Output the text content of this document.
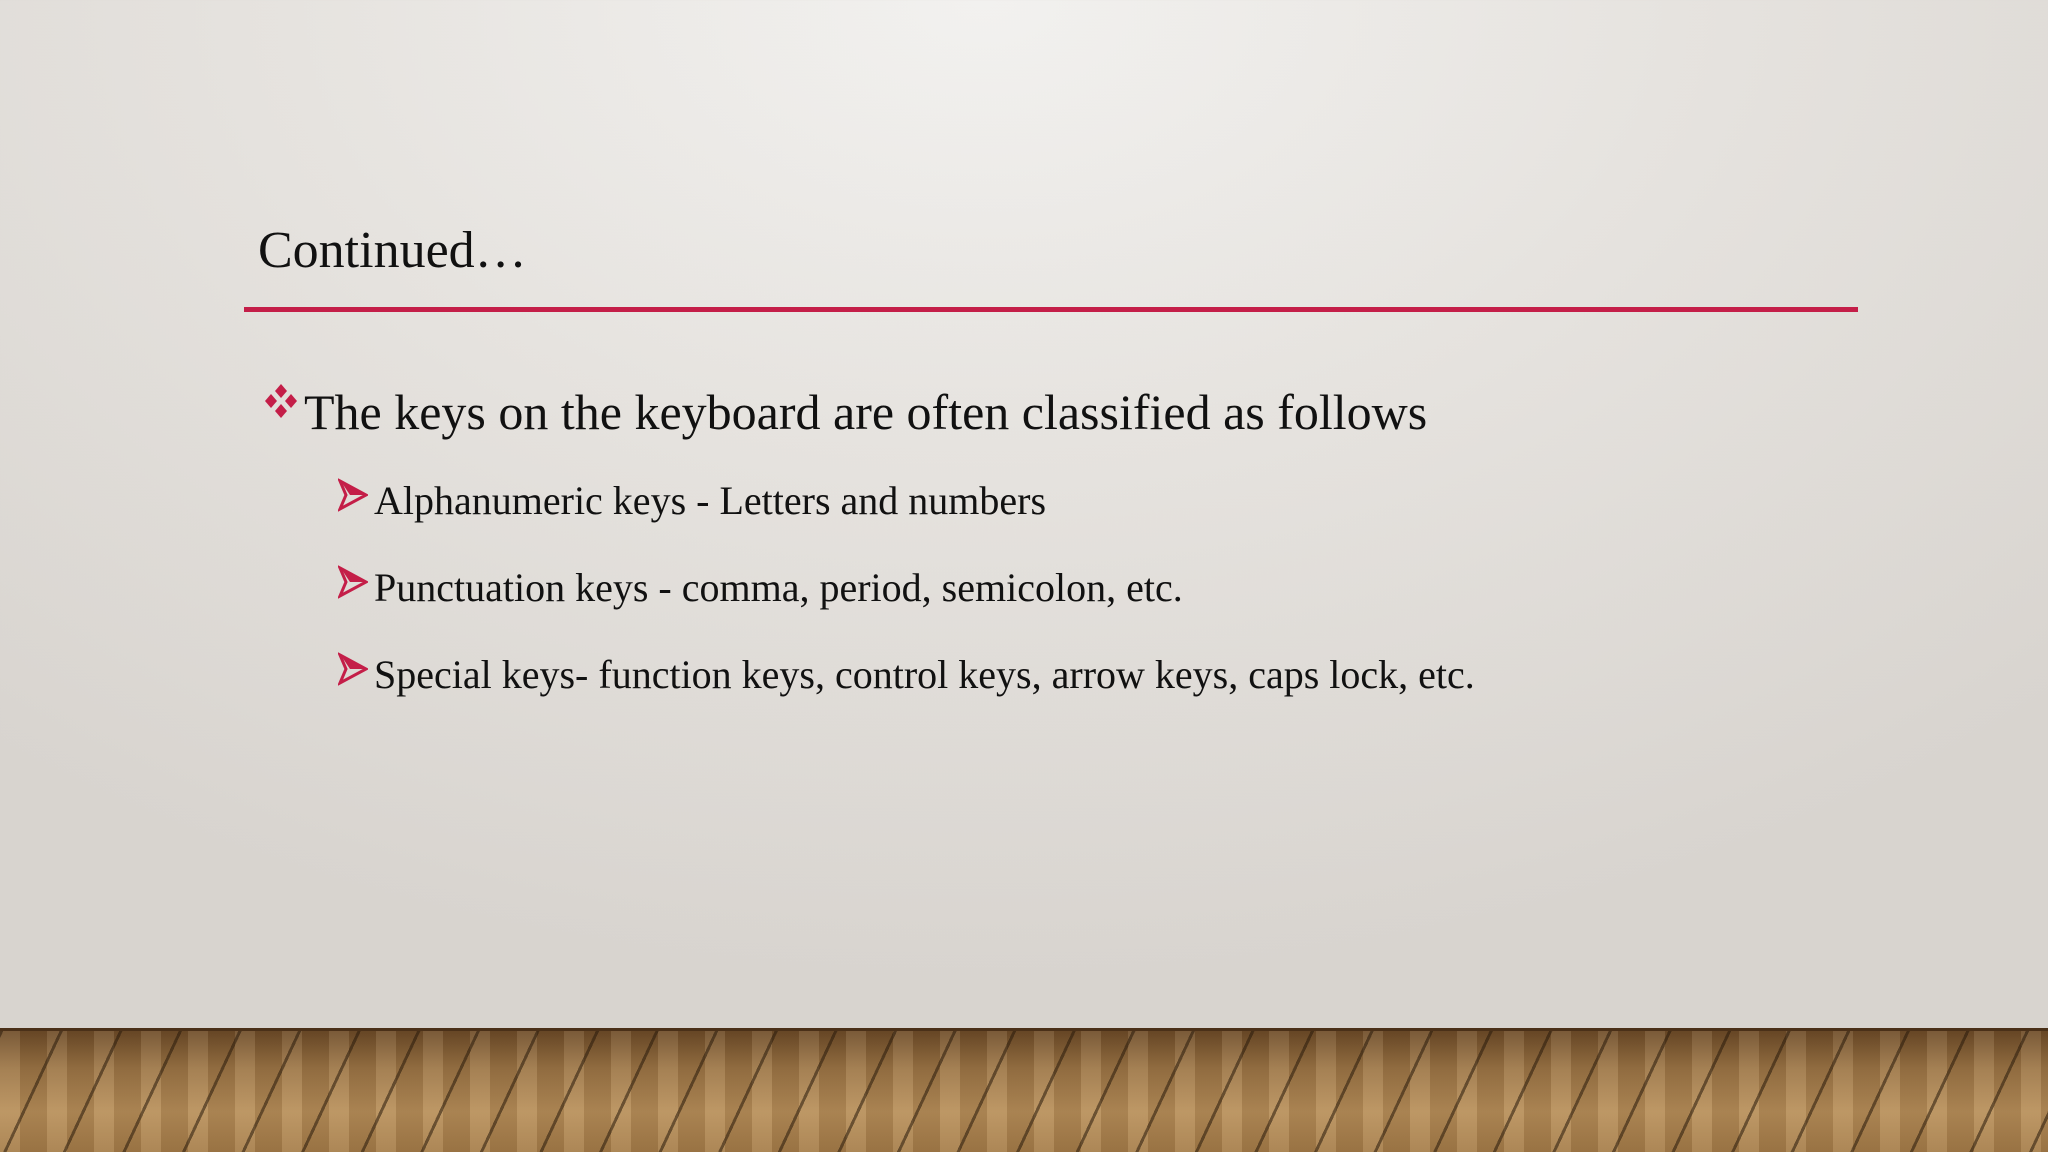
Continued…
The keys on the keyboard are often classified as follows
Alphanumeric keys - Letters and numbers
Punctuation keys - comma, period, semicolon, etc.
Special keys- function keys, control keys, arrow keys, caps lock, etc.
